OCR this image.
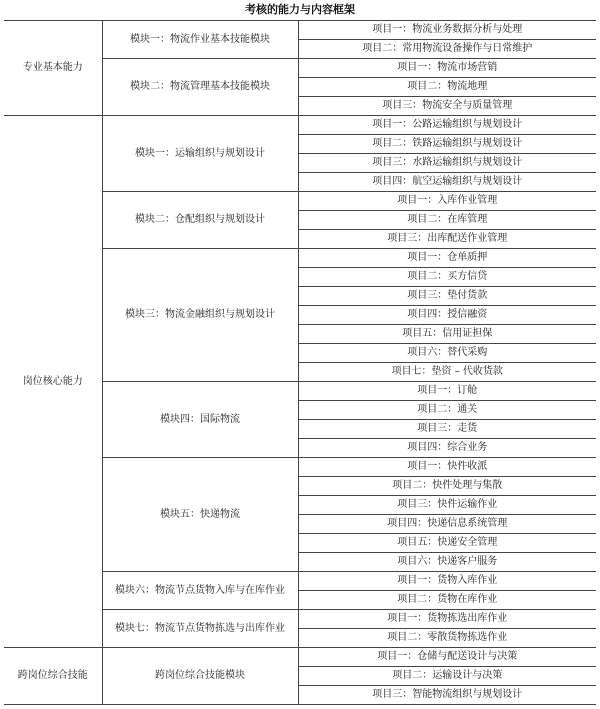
考核的能力与内容框架
专业基本能力	模块一：物流作业基本技能模块	项目一：物流业务数据分析与处理
		项目二：常用物流设备操作与日常维护
	模块二：物流管理基本技能模块	项目一：物流市场营销
		项目二：物流地理
		项目三：物流安全与质量管理
岗位核心能力	模块一：运输组织与规划设计	项目一：公路运输组织与规划设计
		项目二：铁路运输组织与规划设计
		项目三：水路运输组织与规划设计
		项目四：航空运输组织与规划设计
	模块二：仓配组织与规划设计	项目一：入库作业管理
		项目二：在库管理
		项目三：出库配送作业管理
	模块三：物流金融组织与规划设计	项目一：仓单质押
		项目二：买方信贷
		项目三：垫付货款
		项目四：授信融资
		项目五：信用证担保
		项目六：替代采购
		项目七：垫资 – 代收货款
	模块四：国际物流	项目一：订舱
		项目二：通关
		项目三：走货
		项目四：综合业务
	模块五：快递物流	项目一：快件收派
		项目二：快件处理与集散
		项目三：快件运输作业
		项目四：快递信息系统管理
		项目五：快递安全管理
		项目六：快递客户服务
	模块六：物流节点货物入库与在库作业	项目一：货物入库作业
		项目二：货物在库作业
	模块七：物流节点货物拣选与出库作业	项目一：货物拣选出库作业
		项目二：零散货物拣选作业
跨岗位综合技能	跨岗位综合技能模块	项目一：仓储与配送设计与决策
		项目二：运输设计与决策
		项目三：智能物流组织与规划设计
